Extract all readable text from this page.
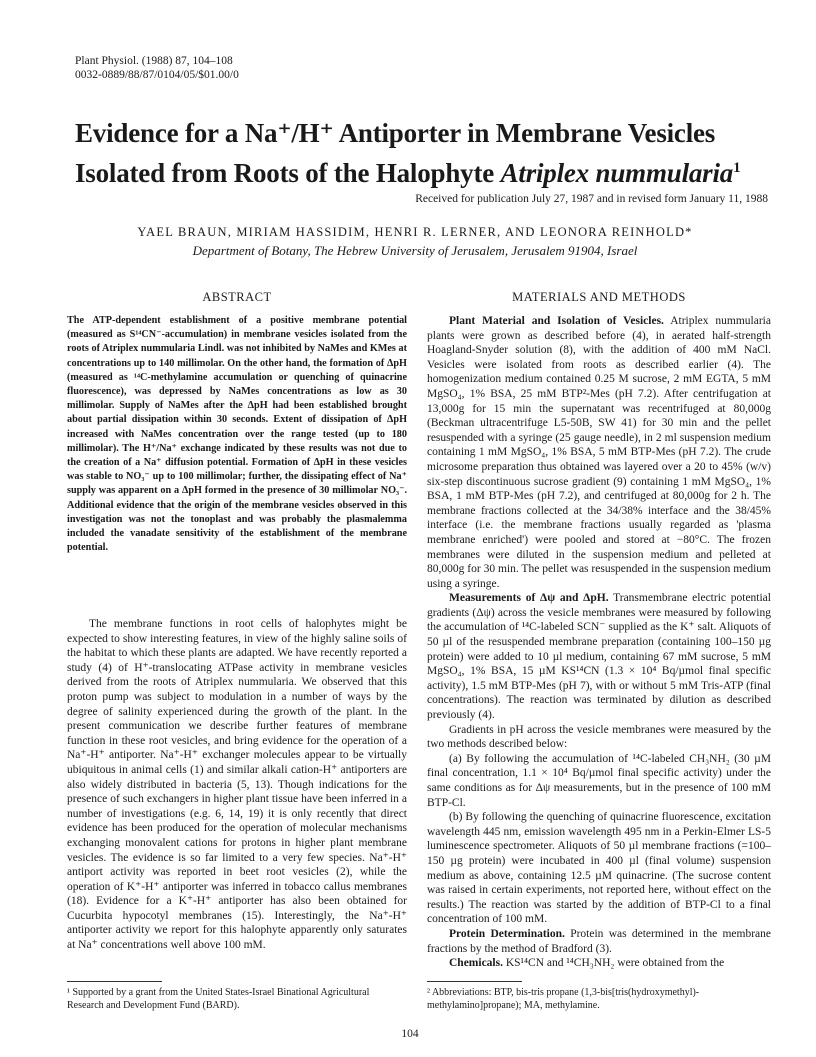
Plant Physiol. (1988) 87, 104–108
0032-0889/88/87/0104/05/$01.00/0
Evidence for a Na⁺/H⁺ Antiporter in Membrane Vesicles
Isolated from Roots of the Halophyte Atriplex nummularia$^1$
Received for publication July 27, 1987 and in revised form January 11, 1988
YAEL BRAUN, MIRIAM HASSIDIM, HENRI R. LERNER, AND LEONORA REINHOLD*
Department of Botany, The Hebrew University of Jerusalem, Jerusalem 91904, Israel
ABSTRACT
The ATP-dependent establishment of a positive membrane potential (measured as S¹⁴CN⁻-accumulation) in membrane vesicles isolated from the roots of Atriplex nummularia Lindl. was not inhibited by NaMes and KMes at concentrations up to 140 millimolar. On the other hand, the formation of ΔpH (measured as ¹⁴C-methylamine accumulation or quenching of quinacrine fluorescence), was depressed by NaMes concentrations as low as 30 millimolar. Supply of NaMes after the ΔpH had been established brought about partial dissipation within 30 seconds. Extent of dissipation of ΔpH increased with NaMes concentration over the range tested (up to 180 millimolar). The H⁺/Na⁺ exchange indicated by these results was not due to the creation of a Na⁺ diffusion potential. Formation of ΔpH in these vesicles was stable to NO₃⁻ up to 100 millimolar; further, the dissipating effect of Na⁺ supply was apparent on a ΔpH formed in the presence of 30 millimolar NO₃⁻. Additional evidence that the origin of the membrane vesicles observed in this investigation was not the tonoplast and was probably the plasmalemma included the vanadate sensitivity of the establishment of the membrane potential.

The membrane functions in root cells of halophytes might be expected to show interesting features, in view of the highly saline soils of the habitat to which these plants are adapted. We have recently reported a study (4) of H⁺-translocating ATPase activity in membrane vesicles derived from the roots of Atriplex nummularia. We observed that this proton pump was subject to modulation in a number of ways by the degree of salinity experienced during the growth of the plant. In the present communication we describe further features of membrane function in these root vesicles, and bring evidence for the operation of a Na⁺-H⁺ antiporter. Na⁺-H⁺ exchanger molecules appear to be virtually ubiquitous in animal cells (1) and similar alkali cation-H⁺ antiporters are also widely distributed in bacteria (5, 13). Though indications for the presence of such exchangers in higher plant tissue have been inferred in a number of investigations (e.g. 6, 14, 19) it is only recently that direct evidence has been produced for the operation of molecular mechanisms exchanging monovalent cations for protons in higher plant membrane vesicles. The evidence is so far limited to a very few species. Na⁺-H⁺ antiport activity was reported in beet root vesicles (2), while the operation of K⁺-H⁺ antiporter was inferred in tobacco callus membranes (18). Evidence for a K⁺-H⁺ antiporter has also been obtained for Cucurbita hypocotyl membranes (15). Interestingly, the Na⁺-H⁺ antiporter activity we report for this halophyte apparently only saturates at Na⁺ concentrations well above 100 mM.

¹ Supported by a grant from the United States-Israel Binational Agricultural Research and Development Fund (BARD).
MATERIALS AND METHODS

Plant Material and Isolation of Vesicles. Atriplex nummularia plants were grown as described before (4), in aerated half-strength Hoagland-Snyder solution (8), with the addition of 400 mM NaCl. Vesicles were isolated from roots as described earlier (4). The homogenization medium contained 0.25 M sucrose, 2 mM EGTA, 5 mM MgSO₄, 1% BSA, 25 mM BTP²-Mes (pH 7.2). After centrifugation at 13,000g for 15 min the supernatant was recentrifuged at 80,000g (Beckman ultracentrifuge L5-50B, SW 41) for 30 min and the pellet resuspended with a syringe (25 gauge needle), in 2 ml suspension medium containing 1 mM MgSO₄, 1% BSA, 5 mM BTP-Mes (pH 7.2). The crude microsome preparation thus obtained was layered over a 20 to 45% (w/v) six-step discontinuous sucrose gradient (9) containing 1 mM MgSO₄, 1% BSA, 1 mM BTP-Mes (pH 7.2), and centrifuged at 80,000g for 2 h. The membrane fractions collected at the 34/38% interface and the 38/45% interface (i.e. the membrane fractions usually regarded as 'plasma membrane enriched') were pooled and stored at −80°C. The frozen membranes were diluted in the suspension medium and pelleted at 80,000g for 30 min. The pellet was resuspended in the suspension medium using a syringe.

Measurements of Δψ and ΔpH. Transmembrane electric potential gradients (Δψ) across the vesicle membranes were measured by following the accumulation of ¹⁴C-labeled SCN⁻ supplied as the K⁺ salt. Aliquots of 50 µl of the resuspended membrane preparation (containing 100–150 µg protein) were added to 10 µl medium, containing 67 mM sucrose, 5 mM MgSO₄, 1% BSA, 15 µM KS¹⁴CN (1.3 × 10⁴ Bq/µmol final specific activity), 1.5 mM BTP-Mes (pH 7), with or without 5 mM Tris-ATP (final concentrations). The reaction was terminated by dilution as described previously (4).

Gradients in pH across the vesicle membranes were measured by the two methods described below:

(a) By following the accumulation of ¹⁴C-labeled CH₃NH₂ (30 µM final concentration, 1.1 × 10⁴ Bq/µmol final specific activity) under the same conditions as for Δψ measurements, but in the presence of 100 mM BTP-Cl.

(b) By following the quenching of quinacrine fluorescence, excitation wavelength 445 nm, emission wavelength 495 nm in a Perkin-Elmer LS-5 luminescence spectrometer. Aliquots of 50 µl membrane fractions (=100–150 µg protein) were incubated in 400 µl (final volume) suspension medium as above, containing 12.5 µM quinacrine. (The sucrose content was raised in certain experiments, not reported here, without effect on the results.) The reaction was started by the addition of BTP-Cl to a final concentration of 100 mM.

Protein Determination. Protein was determined in the membrane fractions by the method of Bradford (3).

Chemicals. KS¹⁴CN and ¹⁴CH₃NH₂ were obtained from the

² Abbreviations: BTP, bis-tris propane (1,3-bis[tris(hydroxymethyl)-methylamino]propane); MA, methylamine.
104
